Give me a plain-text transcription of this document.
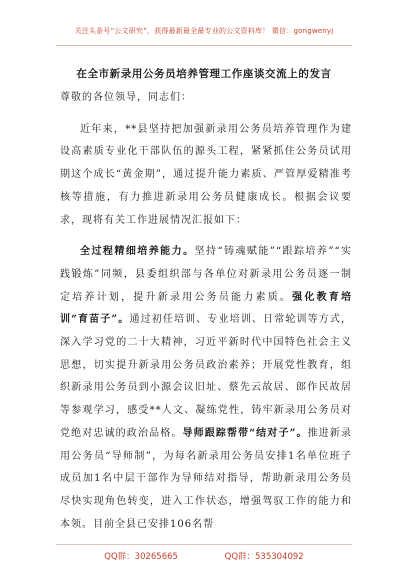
关注头条号“公文研究”，获得最新最全最专业的公文资料库！ 微信：gongwenyj
在全市新录用公务员培养管理工作座谈交流上的发言

尊敬的各位领导，同志们：

近年来，**县坚持把加强新录用公务员培养管理作为建设高素质专业化干部队伍的源头工程，紧紧抓住公务员试用期这个成长“黄金期”，通过提升能力素质、严管厚爱精准考核等措施，有力推进新录用公务员健康成长。根据会议要求，现将有关工作进展情况汇报如下：

全过程精细培养能力。坚持“铸魂赋能”“跟踪培养”“实践锻炼”同频，县委组织部与各单位对新录用公务员逐一制定培养计划，提升新录用公务员能力素质。强化教育培训“育苗子”。通过初任培训、专业培训、日常轮训等方式，深入学习党的二十大精神，习近平新时代中国特色社会主义思想，切实提升新录用公务员政治素养；开展党性教育，组织新录用公务员到小源会议旧址、蔡先云故居、郎作民故居等参观学习，感受**人文、凝练党性，铸牢新录用公务员对党绝对忠诚的政治品格。导师跟踪帮带“结对子”。推进新录用公务员“导师制”，为每名新录用公务员安排1名单位班子成员加1名中层干部作为导师结对指导，帮助新录用公务员尽快实现角色转变，进入工作状态，增强驾驭工作的能力和本领。目前全县已安排106名帮

QQ群：30265665	QQ群：535304092
